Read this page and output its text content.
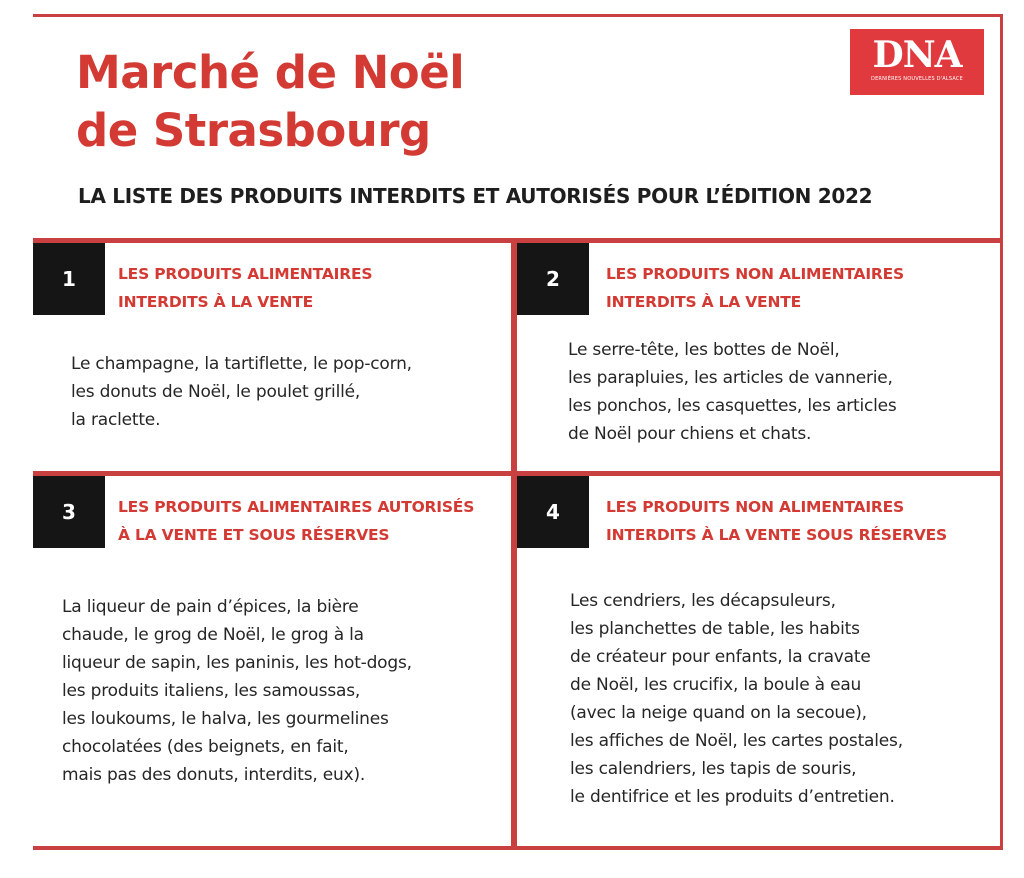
Marché de Noël
de Strasbourg
LA LISTE DES PRODUITS INTERDITS ET AUTORISÉS POUR L’ÉDITION 2022
DNA
DERNIÈRES NOUVELLES D'ALSACE
1	LES PRODUITS ALIMENTAIRES
INTERDITS À LA VENTE
Le champagne, la tartiflette, le pop-corn,
les donuts de Noël, le poulet grillé,
la raclette.
2	LES PRODUITS NON ALIMENTAIRES
INTERDITS À LA VENTE
Le serre-tête, les bottes de Noël,
les parapluies, les articles de vannerie,
les ponchos, les casquettes, les articles
de Noël pour chiens et chats.
3	LES PRODUITS ALIMENTAIRES AUTORISÉS
À LA VENTE ET SOUS RÉSERVES
La liqueur de pain d’épices, la bière
chaude, le grog de Noël, le grog à la
liqueur de sapin, les paninis, les hot-dogs,
les produits italiens, les samoussas,
les loukoums, le halva, les gourmelines
chocolatées (des beignets, en fait,
mais pas des donuts, interdits, eux).
4	LES PRODUITS NON ALIMENTAIRES
INTERDITS À LA VENTE SOUS RÉSERVES
Les cendriers, les décapsuleurs,
les planchettes de table, les habits
de créateur pour enfants, la cravate
de Noël, les crucifix, la boule à eau
(avec la neige quand on la secoue),
les affiches de Noël, les cartes postales,
les calendriers, les tapis de souris,
le dentifrice et les produits d’entretien.
